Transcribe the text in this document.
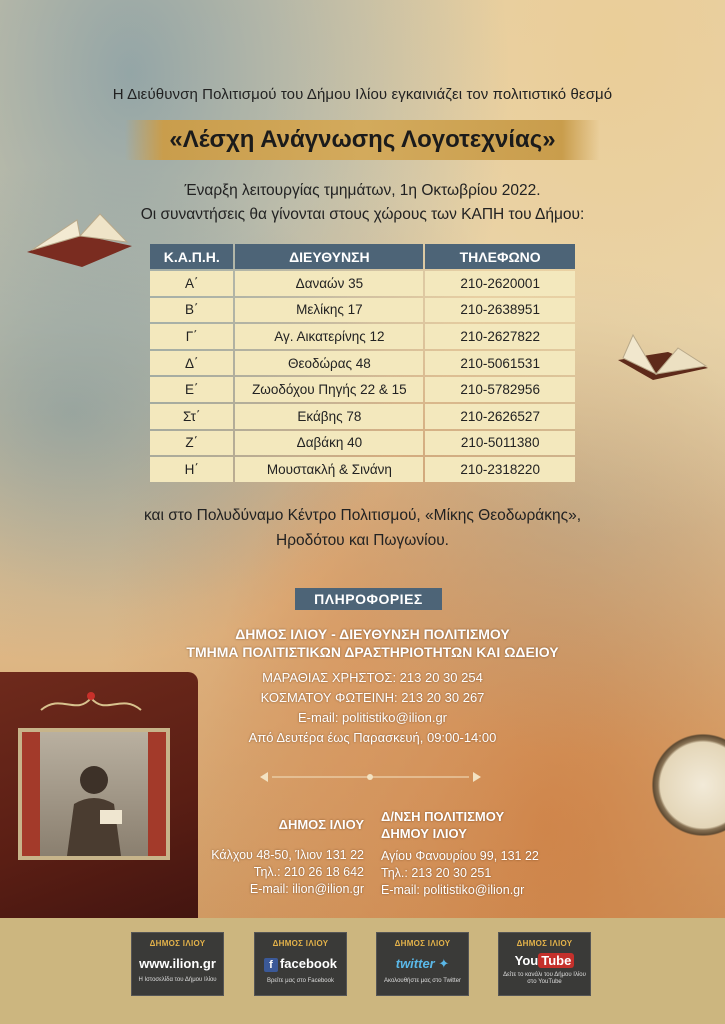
Η Διεύθυνση Πολιτισμού του Δήμου Ιλίου εγκαινιάζει τον πολιτιστικό θεσμό
«Λέσχη Ανάγνωσης Λογοτεχνίας»
Έναρξη λειτουργίας τμημάτων, 1η Οκτωβρίου 2022.
Οι συναντήσεις θα γίνονται στους χώρους των ΚΑΠΗ του Δήμου:
Κ.Α.Π.Η.	ΔΙΕΥΘΥΝΣΗ	ΤΗΛΕΦΩΝΟ
Α΄	Δαναών 35	210-2620001
Β΄	Μελίκης 17	210-2638951
Γ΄	Αγ. Αικατερίνης 12	210-2627822
Δ΄	Θεοδώρας 48	210-5061531
Ε΄	Ζωοδόχου Πηγής 22 & 15	210-5782956
Στ΄	Εκάβης 78	210-2626527
Ζ΄	Δαβάκη 40	210-5011380
Η΄	Μουστακλή & Σινάνη	210-2318220
και στο Πολυδύναμο Κέντρο Πολιτισμού, «Μίκης Θεοδωράκης»,
Ηροδότου και Πωγωνίου.
ΠΛΗΡΟΦΟΡΙΕΣ
ΔΗΜΟΣ ΙΛΙΟΥ - ΔΙΕΥΘΥΝΣΗ ΠΟΛΙΤΙΣΜΟΥ
ΤΜΗΜΑ ΠΟΛΙΤΙΣΤΙΚΩΝ ΔΡΑΣΤΗΡΙΟΤΗΤΩΝ ΚΑΙ ΩΔΕΙΟΥ
ΜΑΡΑΘΙΑΣ ΧΡΗΣΤΟΣ: 213 20 30 254
ΚΟΣΜΑΤΟΥ ΦΩΤΕΙΝΗ: 213 20 30 267
E-mail: politistiko@ilion.gr
Από Δευτέρα έως Παρασκευή, 09:00-14:00
ΔΗΜΟΣ ΙΛΙΟΥ
Κάλχου 48-50, Ίλιον 131 22
Τηλ.: 210 26 18 642
E-mail: ilion@ilion.gr
Δ/ΝΣΗ ΠΟΛΙΤΙΣΜΟΥ
ΔΗΜΟΥ ΙΛΙΟΥ
Αγίου Φανουρίου 99, 131 22
Τηλ.: 213 20 30 251
E-mail: politistiko@ilion.gr
ΔΗΜΟΣ ΙΛΙΟΥ
www.ilion.gr
Η Ιστοσελίδα του Δήμου Ιλίου
ΔΗΜΟΣ ΙΛΙΟΥ
f facebook
Βρείτε μας στο Facebook
ΔΗΜΟΣ ΙΛΙΟΥ
twitter ✦
Ακολουθήστε μας στο Twitter
ΔΗΜΟΣ ΙΛΙΟΥ
You Tube
Δείτε το κανάλι του Δήμου Ιλίου στο YouTube
